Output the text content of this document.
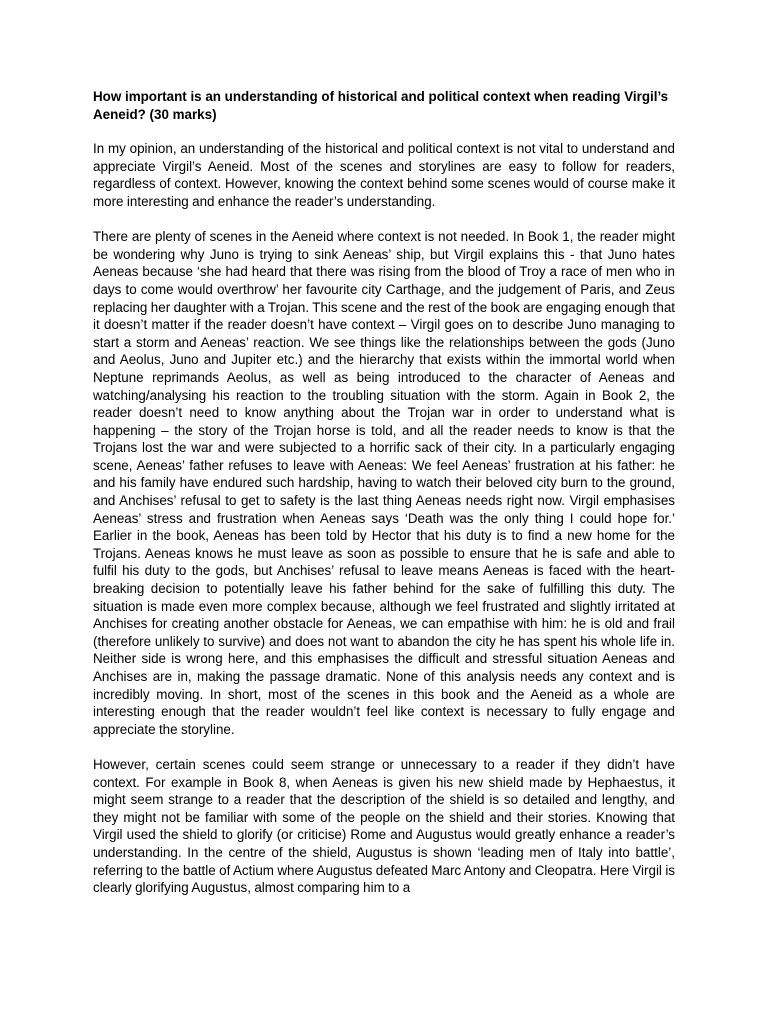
How important is an understanding of historical and political context when reading Virgil’s Aeneid? (30 marks)

In my opinion, an understanding of the historical and political context is not vital to understand and appreciate Virgil’s Aeneid. Most of the scenes and storylines are easy to follow for readers, regardless of context. However, knowing the context behind some scenes would of course make it more interesting and enhance the reader’s understanding.

There are plenty of scenes in the Aeneid where context is not needed. In Book 1, the reader might be wondering why Juno is trying to sink Aeneas’ ship, but Virgil explains this - that Juno hates Aeneas because ‘she had heard that there was rising from the blood of Troy a race of men who in days to come would overthrow’ her favourite city Carthage, and the judgement of Paris, and Zeus replacing her daughter with a Trojan. This scene and the rest of the book are engaging enough that it doesn’t matter if the reader doesn’t have context – Virgil goes on to describe Juno managing to start a storm and Aeneas’ reaction. We see things like the relationships between the gods (Juno and Aeolus, Juno and Jupiter etc.) and the hierarchy that exists within the immortal world when Neptune reprimands Aeolus, as well as being introduced to the character of Aeneas and watching/analysing his reaction to the troubling situation with the storm. Again in Book 2, the reader doesn’t need to know anything about the Trojan war in order to understand what is happening – the story of the Trojan horse is told, and all the reader needs to know is that the Trojans lost the war and were subjected to a horrific sack of their city. In a particularly engaging scene, Aeneas’ father refuses to leave with Aeneas: We feel Aeneas’ frustration at his father: he and his family have endured such hardship, having to watch their beloved city burn to the ground, and Anchises’ refusal to get to safety is the last thing Aeneas needs right now. Virgil emphasises Aeneas’ stress and frustration when Aeneas says ‘Death was the only thing I could hope for.’ Earlier in the book, Aeneas has been told by Hector that his duty is to find a new home for the Trojans. Aeneas knows he must leave as soon as possible to ensure that he is safe and able to fulfil his duty to the gods, but Anchises’ refusal to leave means Aeneas is faced with the heart-breaking decision to potentially leave his father behind for the sake of fulfilling this duty. The situation is made even more complex because, although we feel frustrated and slightly irritated at Anchises for creating another obstacle for Aeneas, we can empathise with him: he is old and frail (therefore unlikely to survive) and does not want to abandon the city he has spent his whole life in. Neither side is wrong here, and this emphasises the difficult and stressful situation Aeneas and Anchises are in, making the passage dramatic. None of this analysis needs any context and is incredibly moving. In short, most of the scenes in this book and the Aeneid as a whole are interesting enough that the reader wouldn’t feel like context is necessary to fully engage and appreciate the storyline.

However, certain scenes could seem strange or unnecessary to a reader if they didn’t have context. For example in Book 8, when Aeneas is given his new shield made by Hephaestus, it might seem strange to a reader that the description of the shield is so detailed and lengthy, and they might not be familiar with some of the people on the shield and their stories. Knowing that Virgil used the shield to glorify (or criticise) Rome and Augustus would greatly enhance a reader’s understanding. In the centre of the shield, Augustus is shown ‘leading men of Italy into battle’, referring to the battle of Actium where Augustus defeated Marc Antony and Cleopatra. Here Virgil is clearly glorifying Augustus, almost comparing him to a
